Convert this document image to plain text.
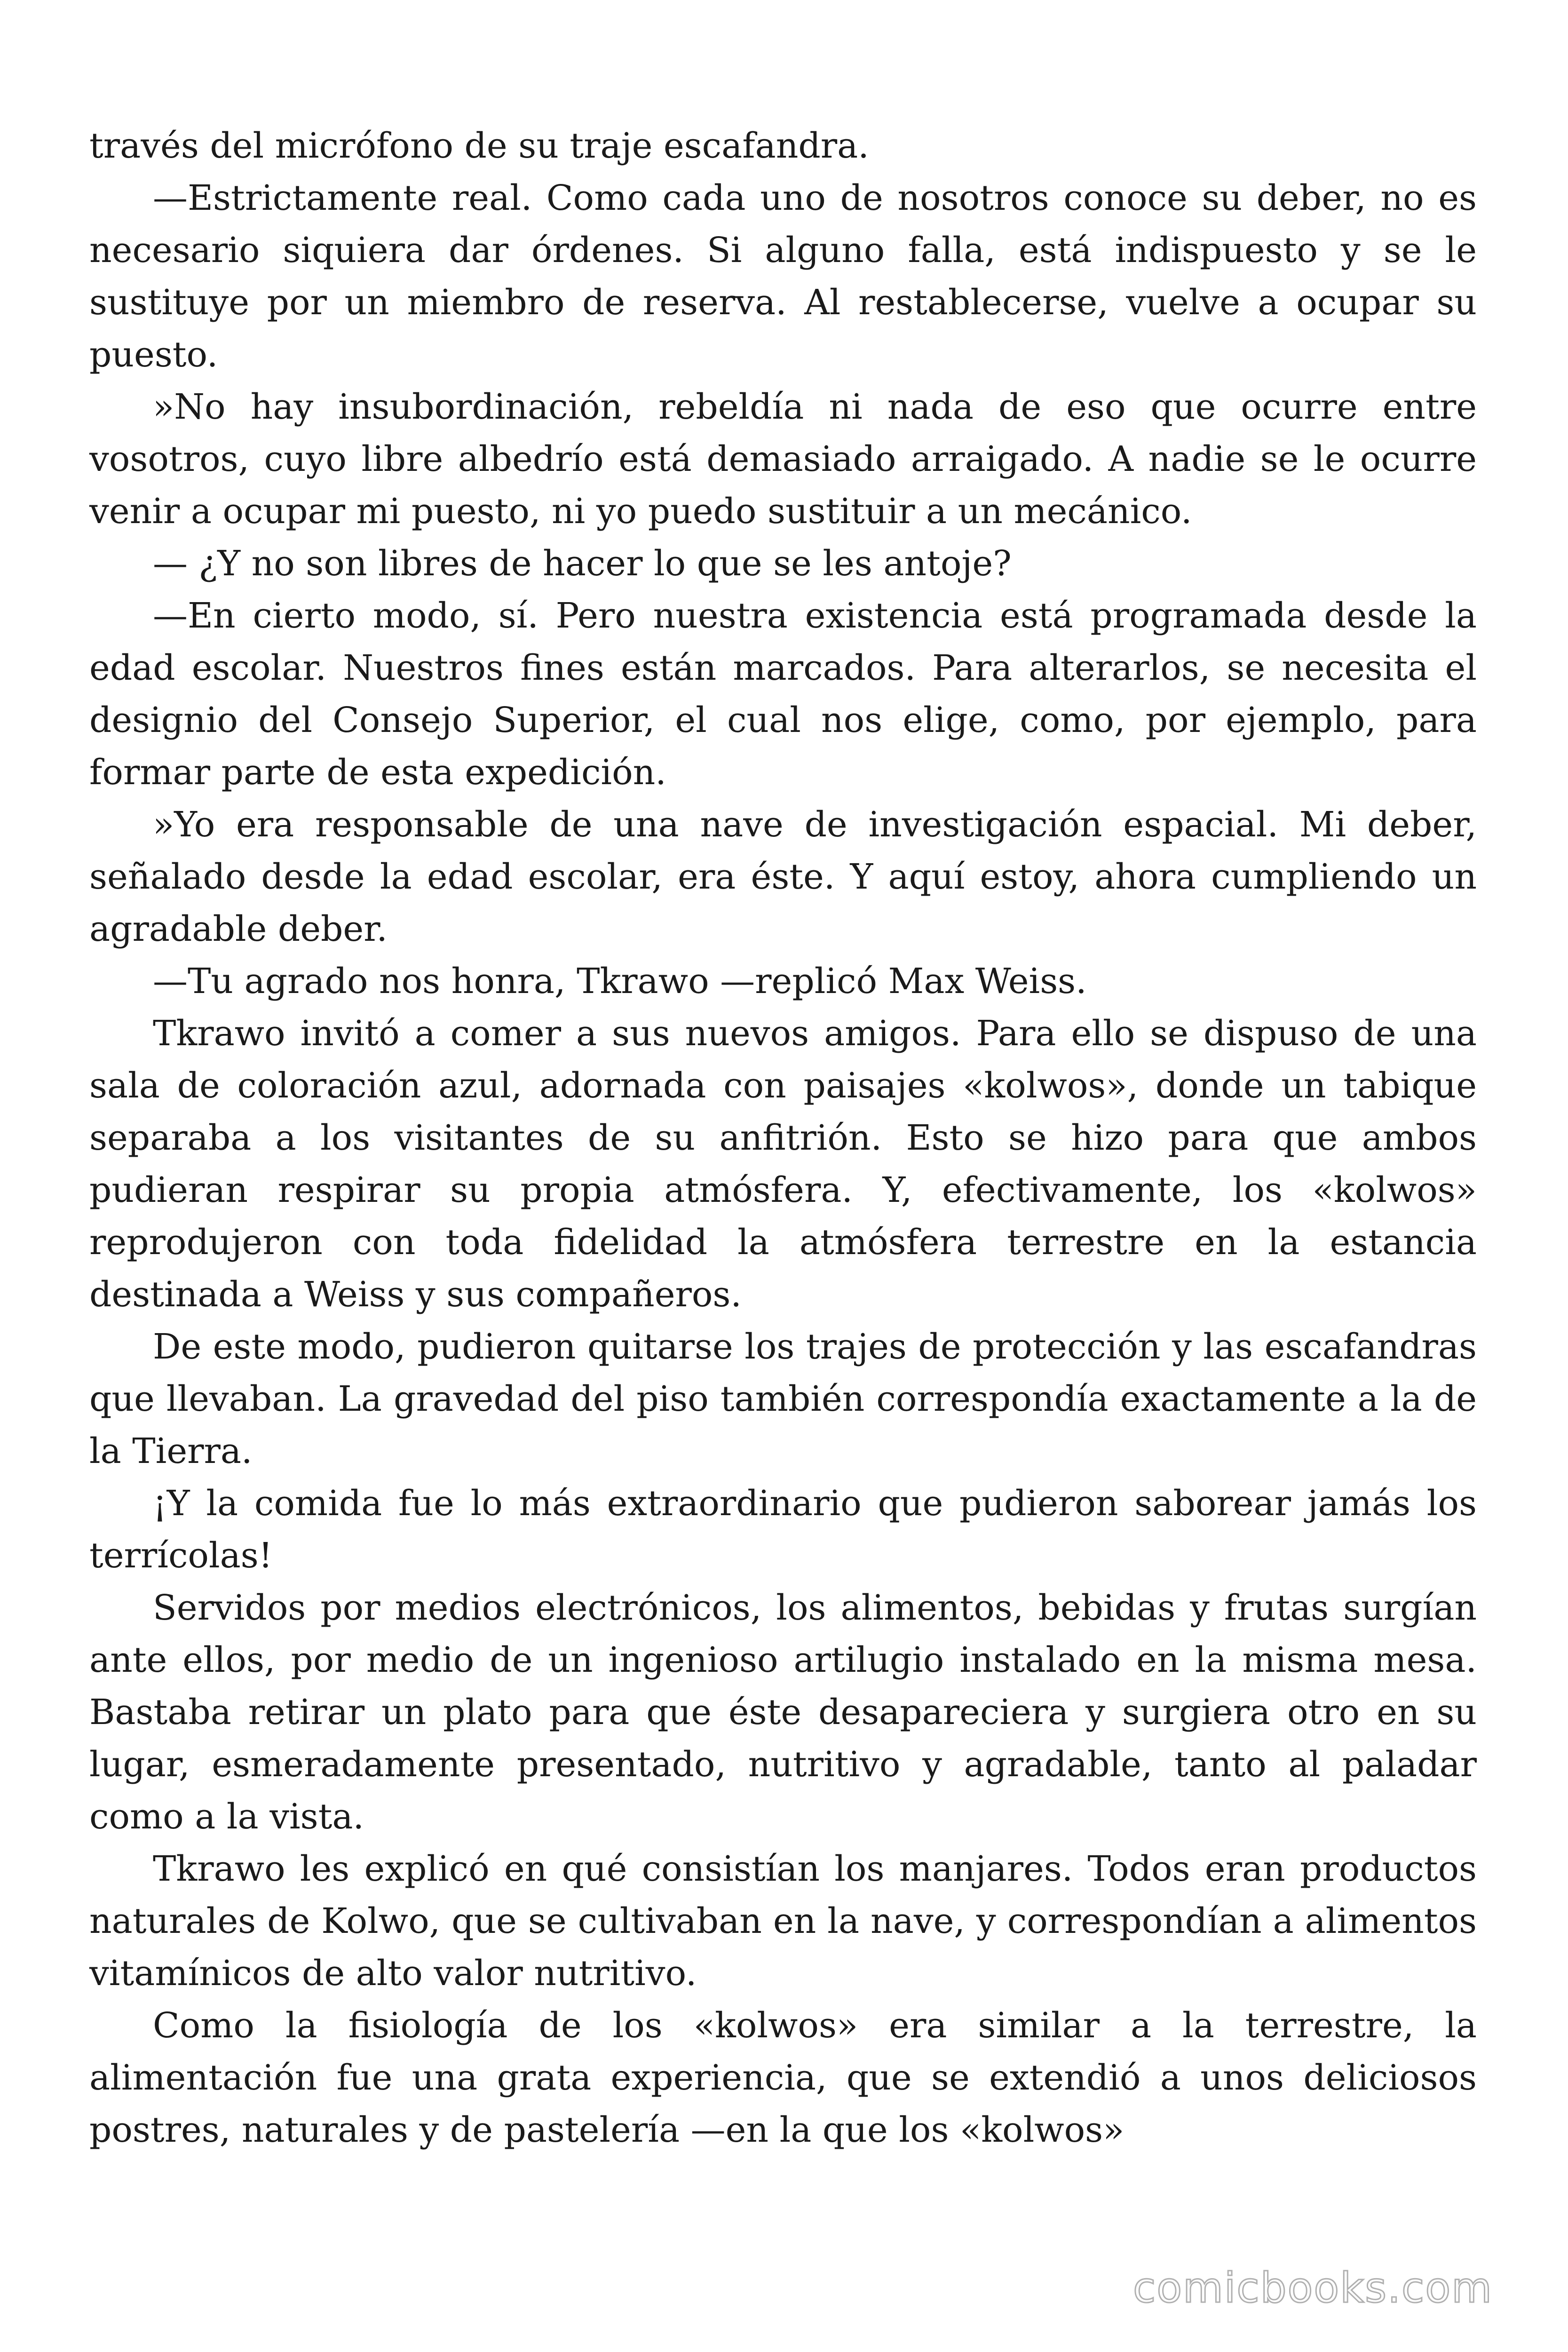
través del micrófono de su traje escafandra.

—Estrictamente real. Como cada uno de nosotros conoce su deber, no es necesario siquiera dar órdenes. Si alguno falla, está indispuesto y se le sustituye por un miembro de reserva. Al restablecerse, vuelve a ocupar su puesto.

»No hay insubordinación, rebeldía ni nada de eso que ocurre entre vosotros, cuyo libre albedrío está demasiado arraigado. A nadie se le ocurre venir a ocupar mi puesto, ni yo puedo sustituir a un mecánico.

— ¿Y no son libres de hacer lo que se les antoje?

—En cierto modo, sí. Pero nuestra existencia está programada desde la edad escolar. Nuestros fines están marcados. Para alterarlos, se necesita el designio del Consejo Superior, el cual nos elige, como, por ejemplo, para formar parte de esta expedición.

»Yo era responsable de una nave de investigación espacial. Mi deber, señalado desde la edad escolar, era éste. Y aquí estoy, ahora cumpliendo un agradable deber.

—Tu agrado nos honra, Tkrawo —replicó Max Weiss.

Tkrawo invitó a comer a sus nuevos amigos. Para ello se dispuso de una sala de coloración azul, adornada con paisajes «kolwos», donde un tabique separaba a los visitantes de su anfitrión. Esto se hizo para que ambos pudieran respirar su propia atmósfera. Y, efectivamente, los «kolwos» reprodujeron con toda fidelidad la atmósfera terrestre en la estancia destinada a Weiss y sus compañeros.

De este modo, pudieron quitarse los trajes de protección y las escafandras que llevaban. La gravedad del piso también correspondía exactamente a la de la Tierra.

¡Y la comida fue lo más extraordinario que pudieron saborear jamás los terrícolas!

Servidos por medios electrónicos, los alimentos, bebidas y frutas surgían ante ellos, por medio de un ingenioso artilugio instalado en la misma mesa. Bastaba retirar un plato para que éste desapareciera y surgiera otro en su lugar, esmeradamente presentado, nutritivo y agradable, tanto al paladar como a la vista.

Tkrawo les explicó en qué consistían los manjares. Todos eran productos naturales de Kolwo, que se cultivaban en la nave, y correspondían a alimentos vitamínicos de alto valor nutritivo.

Como la fisiología de los «kolwos» era similar a la terrestre, la alimentación fue una grata experiencia, que se extendió a unos deliciosos postres, naturales y de pastelería —en la que los «kolwos»

comicbooks.com
